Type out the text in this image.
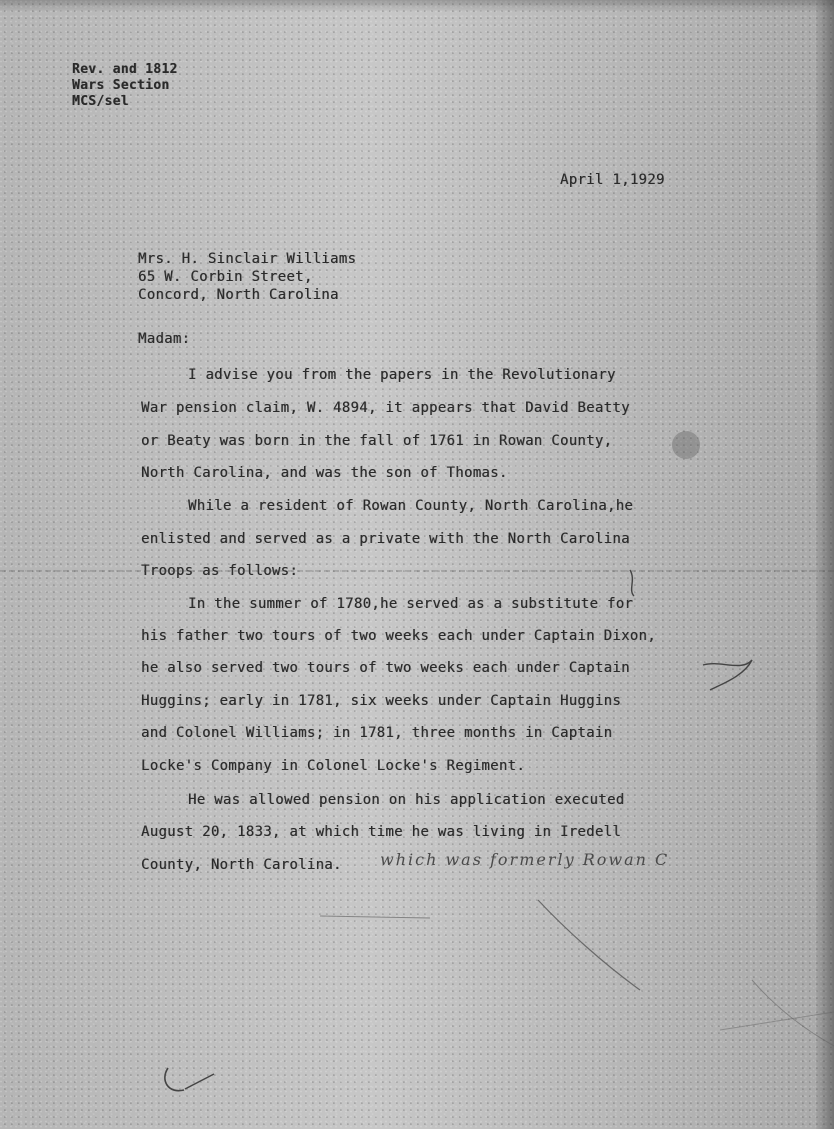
Rev. and 1812
Wars Section
MCS/sel
April 1,1929
Mrs. H. Sinclair Williams
65 W. Corbin Street,
Concord, North Carolina
Madam:
I advise you from the papers in the Revolutionary
War pension claim, W. 4894, it appears that David Beatty
or Beaty was born in the fall of 1761 in Rowan County,
North Carolina, and was the son of Thomas.
While a resident of Rowan County, North Carolina,he
enlisted and served as a private with the North Carolina
Troops as follows:
In the summer of 1780,he served as a substitute for
his father two tours of two weeks each under Captain Dixon,
he also served two tours of two weeks each under Captain
Huggins; early in 1781, six weeks under Captain Huggins
and Colonel Williams; in 1781, three months in Captain
Locke's Company in Colonel Locke's Regiment.
He was allowed pension on his application executed
August 20, 1833, at which time he was living in Iredell
County, North Carolina. which was formerly Rowan C
